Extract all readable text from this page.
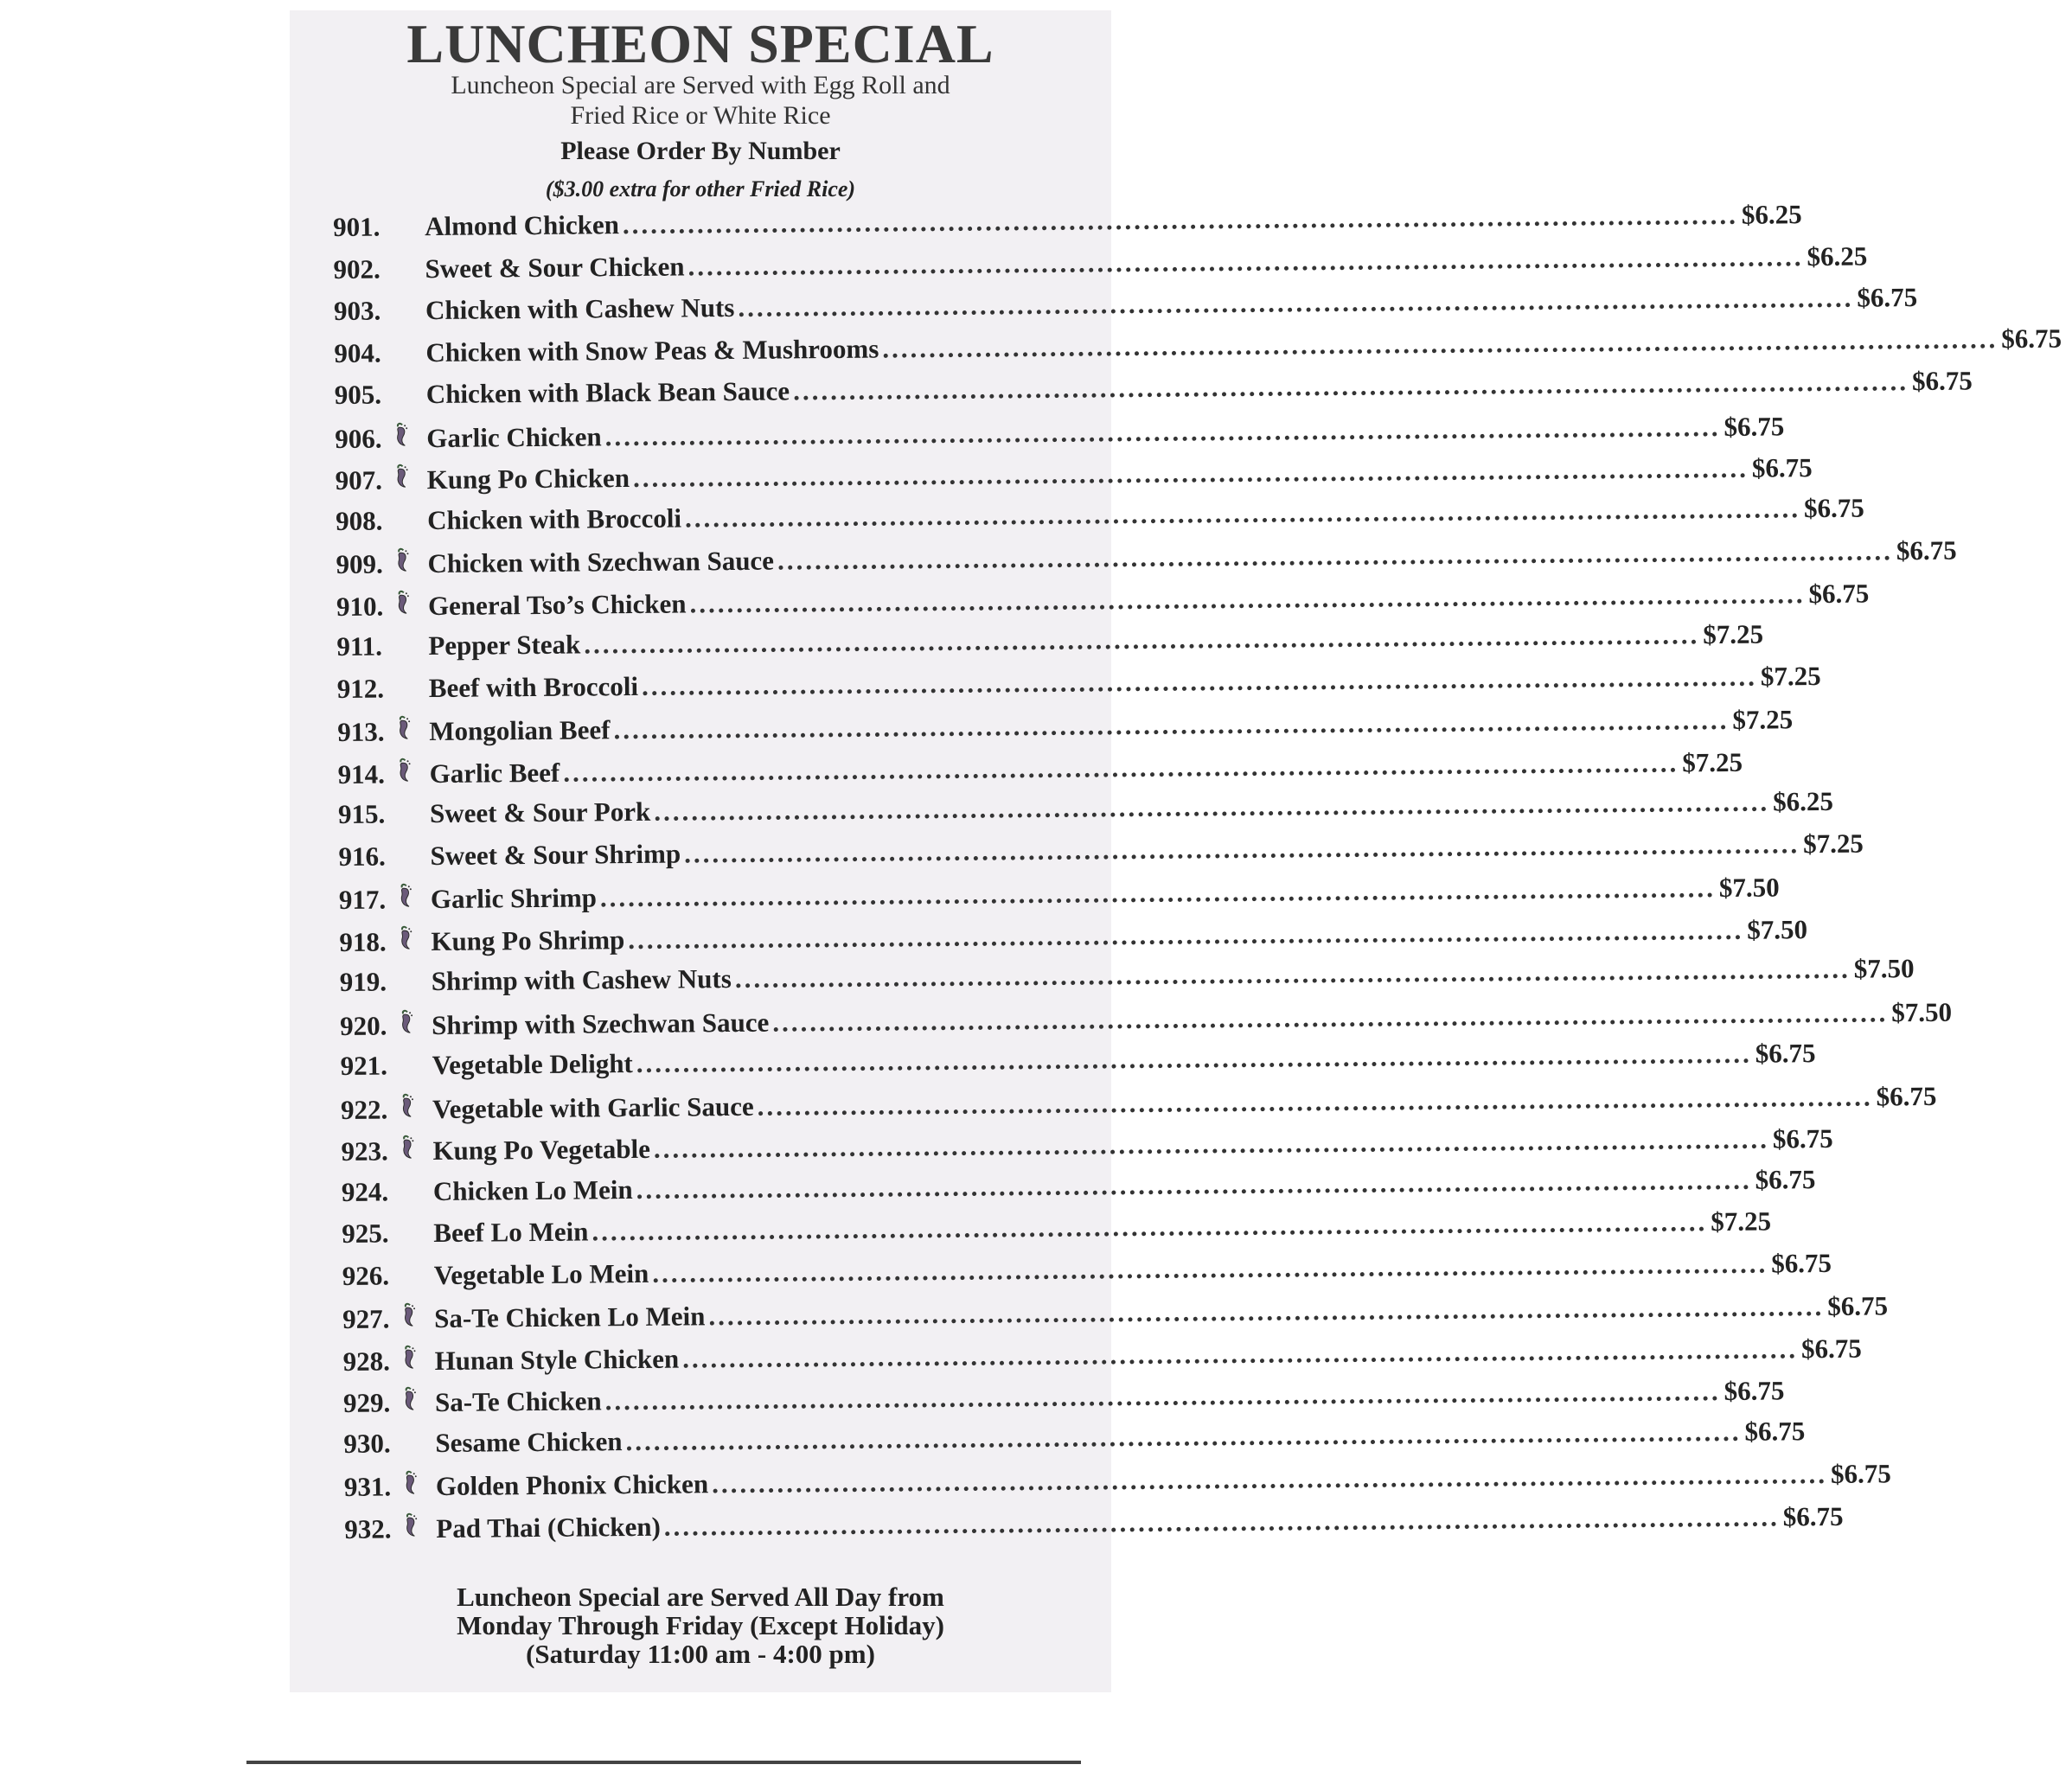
LUNCHEON SPECIAL
Luncheon Special are Served with Egg Roll and
Fried Rice or White Rice
Please Order By Number
($3.00 extra for other Fried Rice)
901.	Almond Chicken ........................................................................................................................ $6.25
902.	Sweet & Sour Chicken ........................................................................................................................ $6.25
903.	Chicken with Cashew Nuts ........................................................................................................................ $6.75
904.	Chicken with Snow Peas & Mushrooms ........................................................................................................................ $6.75
905.	Chicken with Black Bean Sauce ........................................................................................................................ $6.75
906.	Garlic Chicken ........................................................................................................................ $6.75
907.	Kung Po Chicken ........................................................................................................................ $6.75
908.	Chicken with Broccoli ........................................................................................................................ $6.75
909.	Chicken with Szechwan Sauce ........................................................................................................................ $6.75
910.	General Tso’s Chicken ........................................................................................................................ $6.75
911.	Pepper Steak ........................................................................................................................ $7.25
912.	Beef with Broccoli ........................................................................................................................ $7.25
913.	Mongolian Beef ........................................................................................................................ $7.25
914.	Garlic Beef ........................................................................................................................ $7.25
915.	Sweet & Sour Pork ........................................................................................................................ $6.25
916.	Sweet & Sour Shrimp ........................................................................................................................ $7.25
917.	Garlic Shrimp ........................................................................................................................ $7.50
918.	Kung Po Shrimp ........................................................................................................................ $7.50
919.	Shrimp with Cashew Nuts ........................................................................................................................ $7.50
920.	Shrimp with Szechwan Sauce ........................................................................................................................ $7.50
921.	Vegetable Delight ........................................................................................................................ $6.75
922.	Vegetable with Garlic Sauce ........................................................................................................................ $6.75
923.	Kung Po Vegetable ........................................................................................................................ $6.75
924.	Chicken Lo Mein ........................................................................................................................ $6.75
925.	Beef Lo Mein ........................................................................................................................ $7.25
926.	Vegetable Lo Mein ........................................................................................................................ $6.75
927.	Sa-Te Chicken Lo Mein ........................................................................................................................ $6.75
928.	Hunan Style Chicken ........................................................................................................................ $6.75
929.	Sa-Te Chicken ........................................................................................................................ $6.75
930.	Sesame Chicken ........................................................................................................................ $6.75
931.	Golden Phonix Chicken ........................................................................................................................ $6.75
932.	Pad Thai (Chicken) ........................................................................................................................ $6.75
Luncheon Special are Served All Day from
Monday Through Friday (Except Holiday)
(Saturday 11:00 am - 4:00 pm)
